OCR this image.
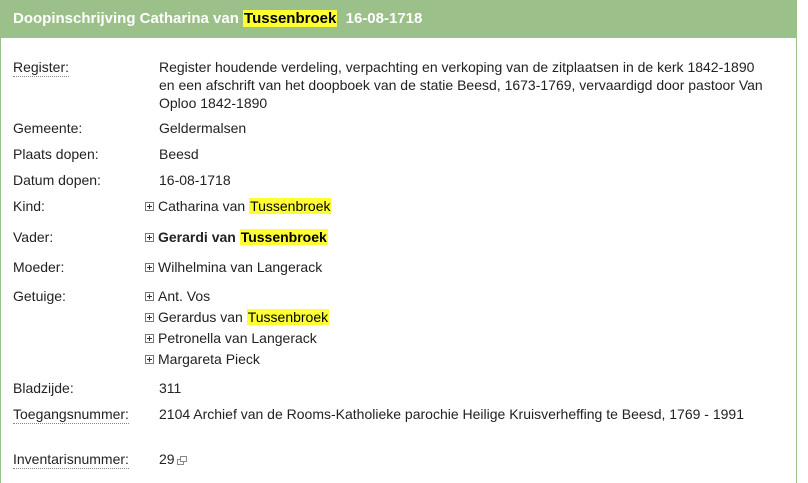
Doopinschrijving Catharina van Tussenbroek  16-08-1718
Register:	Register houdende verdeling, verpachting en verkoping van de zitplaatsen in de kerk 1842-1890 en een afschrift van het doopboek van de statie Beesd, 1673-1769, vervaardigd door pastoor Van Oploo 1842-1890
Gemeente:	Geldermalsen
Plaats dopen:	Beesd
Datum dopen:	16-08-1718
Kind:	Catharina van Tussenbroek
Vader:	Gerardi van Tussenbroek
Moeder:	Wilhelmina van Langerack
Getuige:	Ant. Vos
Gerardus van Tussenbroek
Petronella van Langerack
Margareta Pieck
Bladzijde:	311
Toegangsnummer: 2104 Archief van de Rooms-Katholieke parochie Heilige Kruisverheffing te Beesd, 1769 - 1991
Inventarisnummer: 29
